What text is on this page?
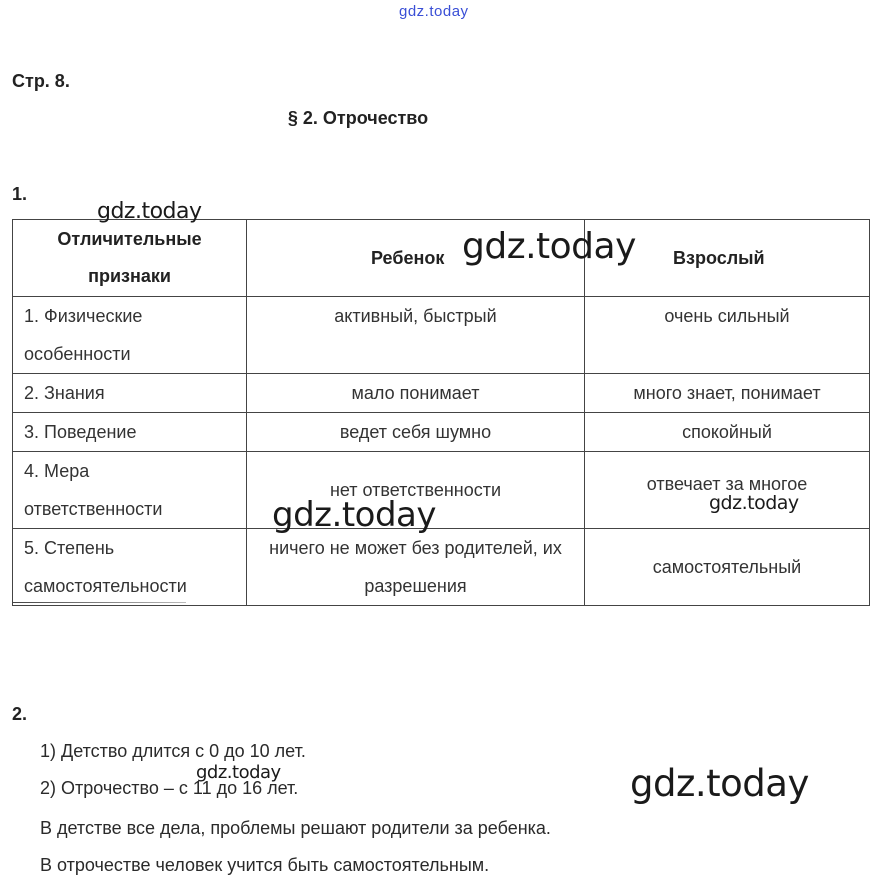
gdz.today
Стр. 8.
§ 2. Отрочество
1.
Отличительные признаки	Ребенок	Взрослый
1. Физические особенности	активный, быстрый	очень сильный
2. Знания	мало понимает	много знает, понимает
3. Поведение	ведет себя шумно	спокойный
4. Мера ответственности	нет ответственности	отвечает за многое
5. Степень самостоятельности	ничего не может без родителей, их разрешения	самостоятельный
2.
1) Детство длится с 0 до 10 лет.
2) Отрочество – с 11 до 16 лет.
В детстве все дела, проблемы решают родители за ребенка.
В отрочестве человек учится быть самостоятельным.
gdz.today
gdz.today
gdz.today	gdz.today
gdz.today	gdz.today
